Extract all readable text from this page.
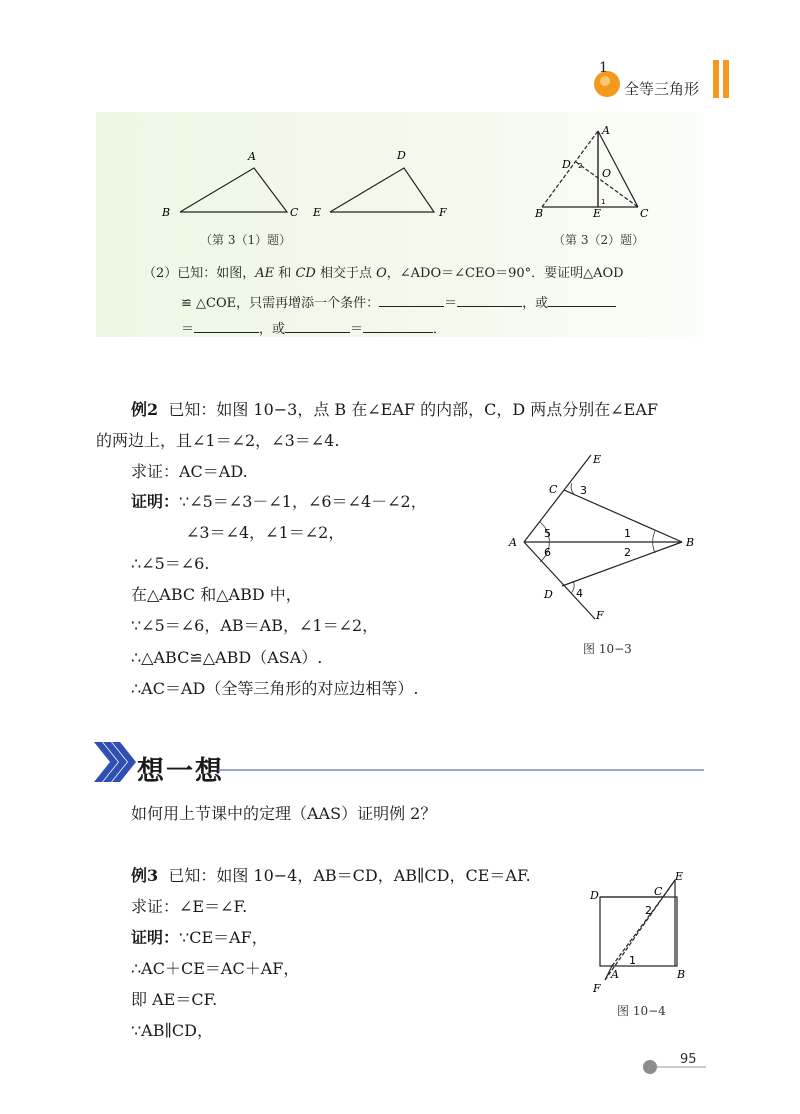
1
全等三角形
A
B	C
D
E	F
（第 3（1）题）
A
D
O
B	E	C
2
1
（第 3（2）题）
（2）已知：如图，AE 和 CD 相交于点 O，∠ADO＝∠CEO＝90°．要证明△AOD
≌ △COE，只需再增添一个条件：	＝	，或
＝	，或	＝	．
例2 已知：如图 10−3，点 B 在∠EAF 的内部，C，D 两点分别在∠EAF
的两边上，且∠1＝∠2，∠3＝∠4.
求证：AC＝AD.
证明：∵∠5＝∠3－∠1，∠6＝∠4－∠2，
∠3＝∠4，∠1＝∠2，
∴∠5＝∠6.
在△ABC 和△ABD 中，
∵∠5＝∠6，AB＝AB，∠1＝∠2，
∴△ABC≌△ABD（ASA）.
∴AC＝AD（全等三角形的对应边相等）.
E
C 3
A
5
6
1
2
B
D 4
F
图 10−3
想一想
如何用上节课中的定理（AAS）证明例 2？
例3 已知：如图 10−4，AB＝CD，AB∥CD，CE＝AF.
求证：∠E＝∠F.
证明：∵CE＝AF，
∴AC＋CE＝AC＋AF，
即 AE＝CF.
∵AB∥CD，
D	C
E
2
1
A	B
F
图 10−4
95
